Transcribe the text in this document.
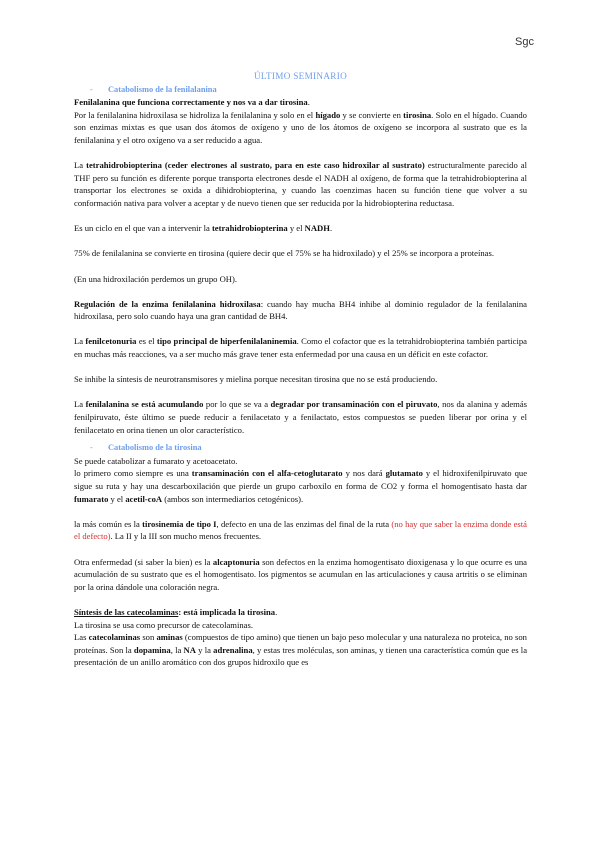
Sgc

ÚLTIMO SEMINARIO

- Catabolismo de la fenilalanina

Fenilalanina que funciona correctamente y nos va a dar tirosina.

Por la fenilalanina hidroxilasa se hidroliza la fenilalanina y solo en el hígado y se convierte en tirosina. Solo en el hígado. Cuando son enzimas mixtas es que usan dos átomos de oxígeno y uno de los átomos de oxígeno se incorpora al sustrato que es la fenilalanina y el otro oxígeno va a ser reducido a agua.

La tetrahidrobiopterina (ceder electrones al sustrato, para en este caso hidroxilar al sustrato) estructuralmente parecido al THF pero su función es diferente porque transporta electrones desde el NADH al oxígeno, de forma que la tetrahidrobiopterina al transportar los electrones se oxida a dihidrobiopterina, y cuando las coenzimas hacen su función tiene que volver a su conformación nativa para volver a aceptar y de nuevo tienen que ser reducida por la hidrobiopterina reductasa.

Es un ciclo en el que van a intervenir la tetrahidrobiopterina y el NADH.

75% de fenilalanina se convierte en tirosina (quiere decir que el 75% se ha hidroxilado) y el 25% se incorpora a proteínas.

(En una hidroxilación perdemos un grupo OH).

Regulación de la enzima fenilalanina hidroxilasa: cuando hay mucha BH4 inhibe al dominio regulador de la fenilalanina hidroxilasa, pero solo cuando haya una gran cantidad de BH4.

La fenilcetonuria es el tipo principal de hiperfenilalaninemia. Como el cofactor que es la tetrahidrobiopterina también participa en muchas más reacciones, va a ser mucho más grave tener esta enfermedad por una causa en un déficit en este cofactor.

Se inhibe la síntesis de neurotransmisores y mielina porque necesitan tirosina que no se está produciendo.

La fenilalanina se está acumulando por lo que se va a degradar por transaminación con el piruvato, nos da alanina y además fenilpiruvato, éste último se puede reducir a fenilacetato y a fenilactato, estos compuestos se pueden liberar por orina y el fenilacetato en orina tienen un olor característico.

- Catabolismo de la tirosina

Se puede catabolizar a fumarato y acetoacetato.

lo primero como siempre es una transaminación con el alfa-cetoglutarato y nos dará glutamato y el hidroxifenilpiruvato que sigue su ruta y hay una descarboxilación que pierde un grupo carboxilo en forma de CO2 y forma el homogentisato hasta dar fumarato y el acetil-coA (ambos son intermediarios cetogénicos).

la más común es la tirosinemia de tipo I, defecto en una de las enzimas del final de la ruta (no hay que saber la enzima donde está el defecto). La II y la III son mucho menos frecuentes.

Otra enfermedad (si saber la bien) es la alcaptonuria son defectos en la enzima homogentisato dioxigenasa y lo que ocurre es una acumulación de su sustrato que es el homogentisato. los pigmentos se acumulan en las articulaciones y causa artritis o se eliminan por la orina dándole una coloración negra.

Síntesis de las catecolaminas: está implicada la tirosina.

La tirosina se usa como precursor de catecolaminas.

Las catecolaminas son aminas (compuestos de tipo amino) que tienen un bajo peso molecular y una naturaleza no proteica, no son proteínas. Son la dopamina, la NA y la adrenalina, y estas tres moléculas, son aminas, y tienen una característica común que es la presentación de un anillo aromático con dos grupos hidroxilo que es
